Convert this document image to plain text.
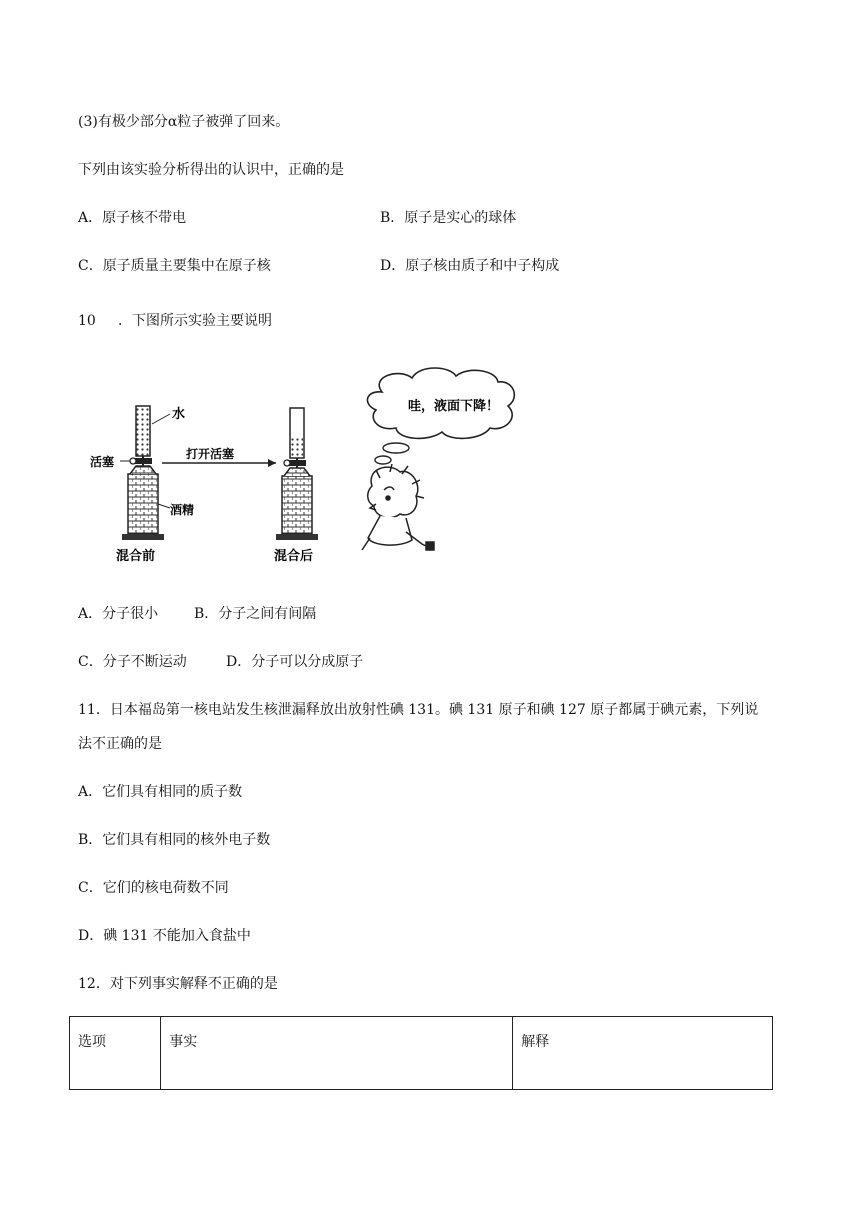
(3)有极少部分α粒子被弹了回来。
下列由该实验分析得出的认识中，正确的是
A．原子核不带电	B．原子是实心的球体
C．原子质量主要集中在原子核	D．原子核由质子和中子构成
10 ．下图所示实验主要说明
水
活塞
酒精
混合前
打开活塞
混合后
哇，液面下降！
A．分子很小	B．分子之间有间隔
C．分子不断运动	D．分子可以分成原子
11．日本福岛第一核电站发生核泄漏释放出放射性碘 131。碘 131 原子和碘 127 原子都属于碘元素，下列说
法不正确的是
A．它们具有相同的质子数
B．它们具有相同的核外电子数
C．它们的核电荷数不同
D．碘 131 不能加入食盐中
12．对下列事实解释不正确的是
选项	事实	解释
